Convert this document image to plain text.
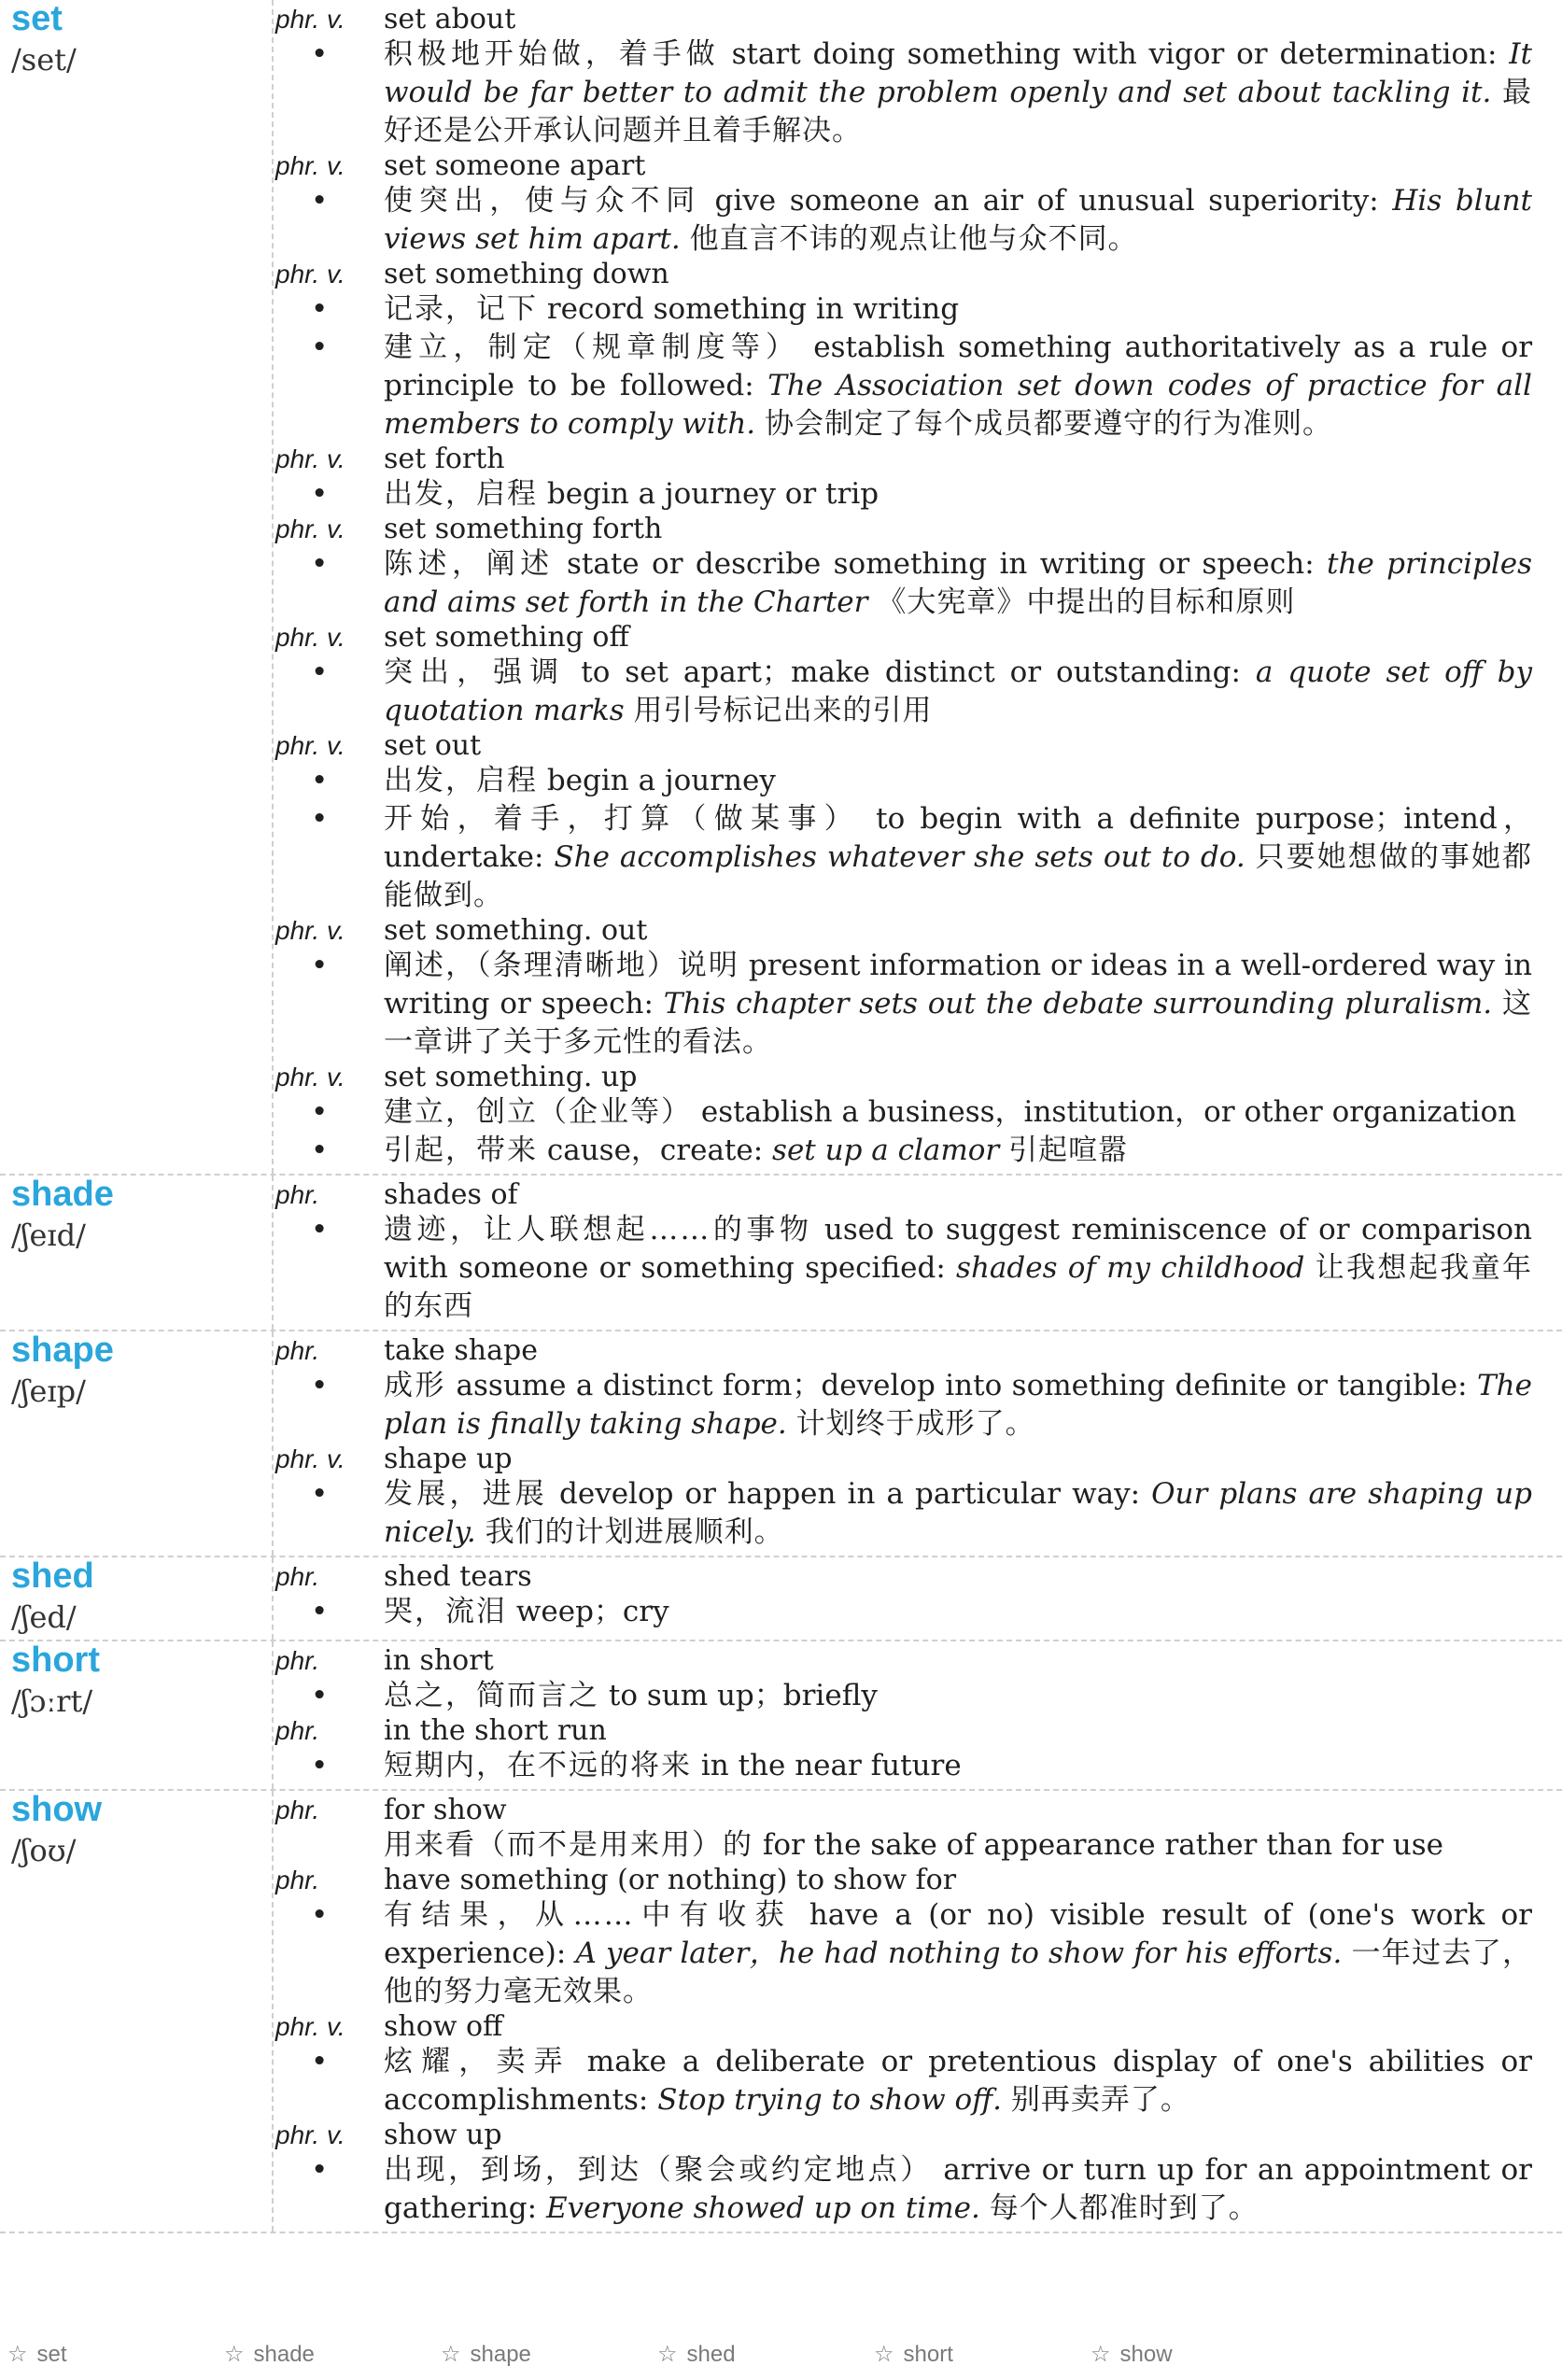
set
/set/
phr. v.	set about
•	积极地开始做，着手做 start doing something with vigor or determination: It would be far better to admit the problem openly and set about tackling it. 最好还是公开承认问题并且着手解决。
phr. v.	set someone apart
•	使突出，使与众不同 give someone an air of unusual superiority: His blunt views set him apart. 他直言不讳的观点让他与众不同。
phr. v.	set something down
•	记录，记下 record something in writing
•	建立，制定（规章制度等） establish something authoritatively as a rule or principle to be followed: The Association set down codes of practice for all members to comply with. 协会制定了每个成员都要遵守的行为准则。
phr. v.	set forth
•	出发，启程 begin a journey or trip
phr. v.	set something forth
•	陈述，阐述 state or describe something in writing or speech: the principles and aims set forth in the Charter 《大宪章》中提出的目标和原则
phr. v.	set something off
•	突出，强调 to set apart；make distinct or outstanding: a quote set off by quotation marks 用引号标记出来的引用
phr. v.	set out
•	出发，启程 begin a journey
•	开始，着手，打算（做某事） to begin with a definite purpose；intend，undertake: She accomplishes whatever she sets out to do. 只要她想做的事她都能做到。
phr. v.	set something. out
•	阐述，（条理清晰地）说明 present information or ideas in a well-ordered way in writing or speech: This chapter sets out the debate surrounding pluralism. 这一章讲了关于多元性的看法。
phr. v.	set something. up
•	建立，创立（企业等） establish a business，institution，or other organization
•	引起，带来 cause，create: set up a clamor 引起喧嚣
shade
/ʃeɪd/
phr.	shades of
•	遗迹，让人联想起……的事物 used to suggest reminiscence of or comparison with someone or something specified: shades of my childhood 让我想起我童年的东西
shape
/ʃeɪp/
phr.	take shape
•	成形 assume a distinct form；develop into something definite or tangible: The plan is finally taking shape. 计划终于成形了。
phr. v.	shape up
•	发展，进展 develop or happen in a particular way: Our plans are shaping up nicely. 我们的计划进展顺利。
shed
/ʃed/
phr.	shed tears
•	哭，流泪 weep；cry
short
/ʃɔːrt/
phr.	in short
•	总之，简而言之 to sum up；briefly
phr.	in the short run
•	短期内，在不远的将来 in the near future
show
/ʃoʊ/
phr.	for show
用来看（而不是用来用）的 for the sake of appearance rather than for use
phr.	have something (or nothing) to show for
•	有结果，从……中有收获 have a (or no) visible result of (one's work or experience): A year later，he had nothing to show for his efforts. 一年过去了，他的努力毫无效果。
phr. v.	show off
•	炫耀，卖弄 make a deliberate or pretentious display of one's abilities or accomplishments: Stop trying to show off. 别再卖弄了。
phr. v.	show up
•	出现，到场，到达（聚会或约定地点） arrive or turn up for an appointment or gathering: Everyone showed up on time. 每个人都准时到了。
☆ set	☆ shade	☆ shape	☆ shed	☆ short	☆ show
